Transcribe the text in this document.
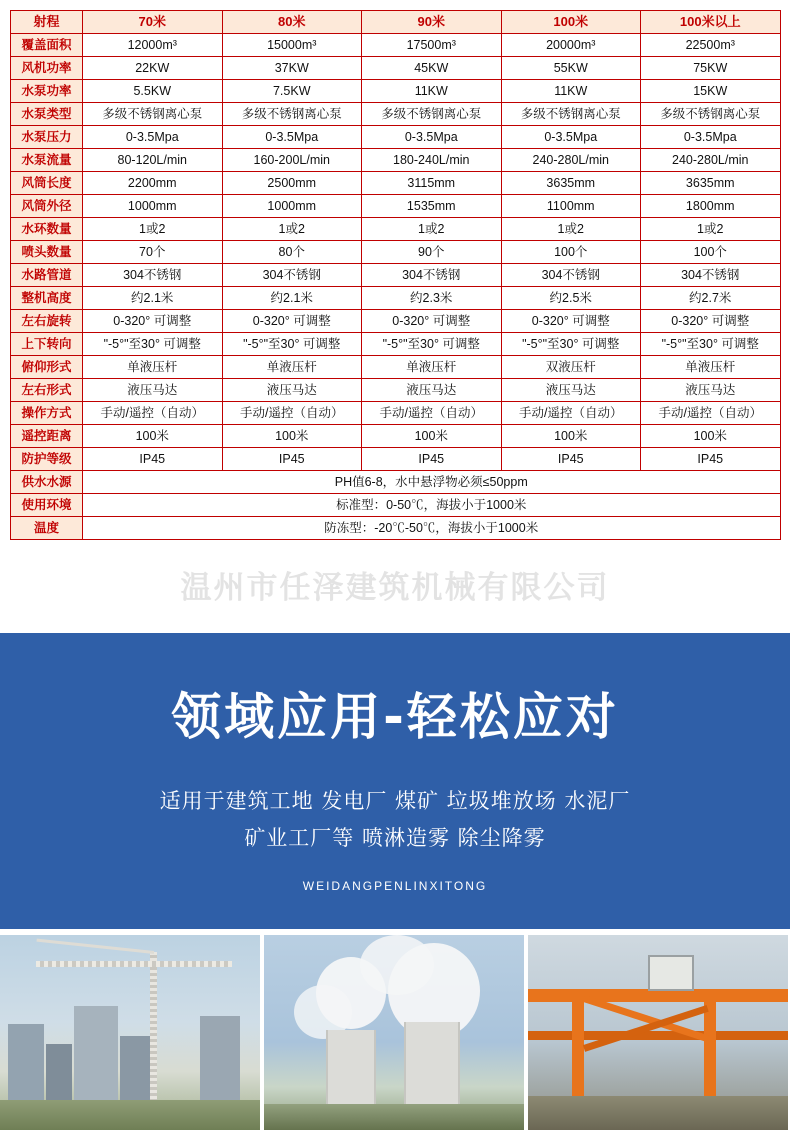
射程	70米	80米	90米	100米	100米以上
覆盖面积	12000m³	15000m³	17500m³	20000m³	22500m³
风机功率	22KW	37KW	45KW	55KW	75KW
水泵功率	5.5KW	7.5KW	11KW	11KW	15KW
水泵类型	多级不锈钢离心泵	多级不锈钢离心泵	多级不锈钢离心泵	多级不锈钢离心泵	多级不锈钢离心泵
水泵压力	0-3.5Mpa	0-3.5Mpa	0-3.5Mpa	0-3.5Mpa	0-3.5Mpa
水泵流量	80-120L/min	160-200L/min	180-240L/min	240-280L/min	240-280L/min
风筒长度	2200mm	2500mm	3115mm	3635mm	3635mm
风筒外径	1000mm	1000mm	1535mm	1100mm	1800mm
水环数量	1或2	1或2	1或2	1或2	1或2
喷头数量	70个	80个	90个	100个	100个
水路管道	304不锈钢	304不锈钢	304不锈钢	304不锈钢	304不锈钢
整机高度	约2.1米	约2.1米	约2.3米	约2.5米	约2.7米
左右旋转	0-320° 可调整	0-320° 可调整	0-320° 可调整	0-320° 可调整	0-320° 可调整
上下转向	"-5°"至30° 可调整	"-5°"至30° 可调整	"-5°"至30° 可调整	"-5°"至30° 可调整	"-5°"至30° 可调整
俯仰形式	单液压杆	单液压杆	单液压杆	双液压杆	单液压杆
左右形式	液压马达	液压马达	液压马达	液压马达	液压马达
操作方式	手动/遥控（自动）	手动/遥控（自动）	手动/遥控（自动）	手动/遥控（自动）	手动/遥控（自动）
遥控距离	100米	100米	100米	100米	100米
防护等级	IP45	IP45	IP45	IP45	IP45
供水水源	PH值6-8，水中悬浮物必须≤50ppm				
使用环境	标准型：0-50℃，海拔小于1000米				
温度	防冻型：-20℃-50℃，海拔小于1000米				
温州市任泽建筑机械有限公司
领域应用-轻松应对
适用于建筑工地 发电厂 煤矿 垃圾堆放场 水泥厂
矿业工厂等 喷淋造雾 除尘降雾
WEIDANGPENLINXITONG
